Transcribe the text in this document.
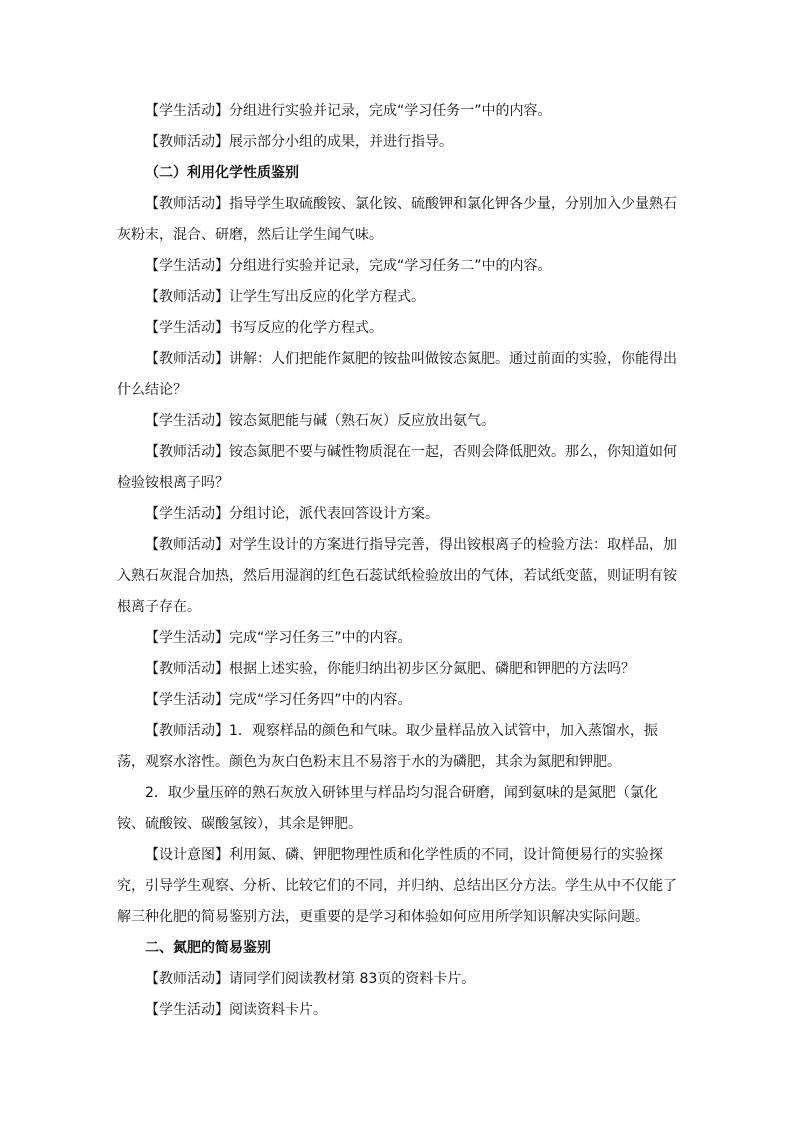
【学生活动】分组进行实验并记录，完成“学习任务一”中的内容。

【教师活动】展示部分小组的成果，并进行指导。

（二）利用化学性质鉴别

【教师活动】指导学生取硫酸铵、氯化铵、硫酸钾和氯化钾各少量，分别加入少量熟石灰粉末，混合、研磨，然后让学生闻气味。

【学生活动】分组进行实验并记录，完成“学习任务二”中的内容。

【教师活动】让学生写出反应的化学方程式。

【学生活动】书写反应的化学方程式。

【教师活动】讲解：人们把能作氮肥的铵盐叫做铵态氮肥。通过前面的实验，你能得出什么结论？

【学生活动】铵态氮肥能与碱（熟石灰）反应放出氨气。

【教师活动】铵态氮肥不要与碱性物质混在一起，否则会降低肥效。那么，你知道如何检验铵根离子吗？

【学生活动】分组讨论，派代表回答设计方案。

【教师活动】对学生设计的方案进行指导完善，得出铵根离子的检验方法：取样品，加入熟石灰混合加热，然后用湿润的红色石蕊试纸检验放出的气体，若试纸变蓝，则证明有铵根离子存在。

【学生活动】完成“学习任务三”中的内容。

【教师活动】根据上述实验，你能归纳出初步区分氮肥、磷肥和钾肥的方法吗？

【学生活动】完成“学习任务四”中的内容。

【教师活动】1．观察样品的颜色和气味。取少量样品放入试管中，加入蒸馏水，振荡，观察水溶性。颜色为灰白色粉末且不易溶于水的为磷肥，其余为氮肥和钾肥。

2．取少量压碎的熟石灰放入研钵里与样品均匀混合研磨，闻到氨味的是氮肥（氯化铵、硫酸铵、碳酸氢铵），其余是钾肥。

【设计意图】利用氮、磷、钾肥物理性质和化学性质的不同，设计简便易行的实验探究，引导学生观察、分析、比较它们的不同，并归纳、总结出区分方法。学生从中不仅能了解三种化肥的简易鉴别方法，更重要的是学习和体验如何应用所学知识解决实际问题。

二、氮肥的简易鉴别

【教师活动】请同学们阅读教材第 83页的资料卡片。

【学生活动】阅读资料卡片。
